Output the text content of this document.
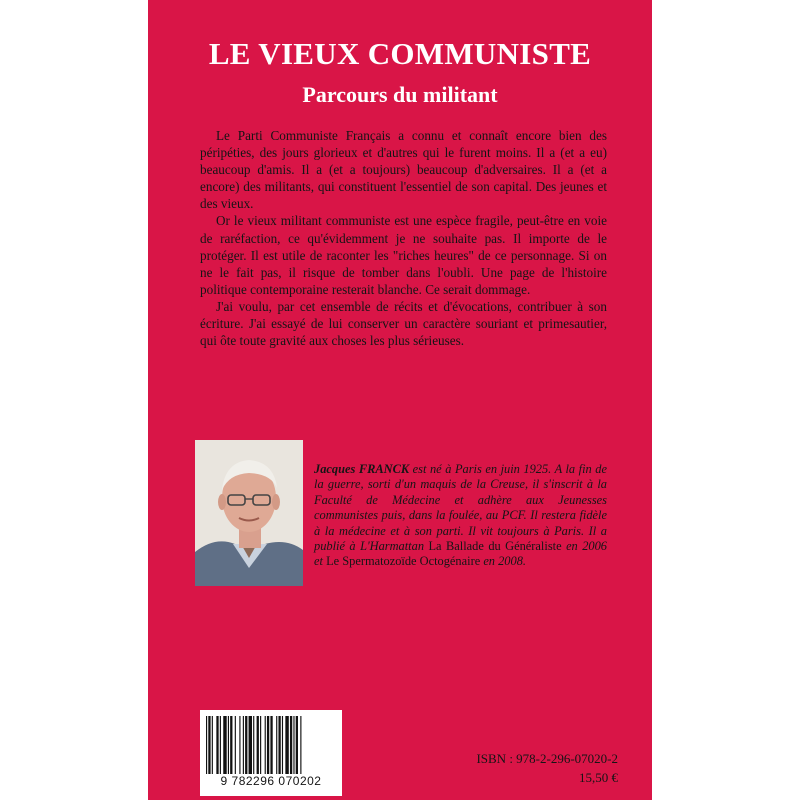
LE VIEUX COMMUNISTE
Parcours du militant

Le Parti Communiste Français a connu et connaît encore bien des péripéties, des jours glorieux et d'autres qui le furent moins. Il a (et a eu) beaucoup d'amis. Il a (et a toujours) beaucoup d'adversaires. Il a (et a encore) des militants, qui constituent l'essentiel de son capital. Des jeunes et des vieux.

Or le vieux militant communiste est une espèce fragile, peut-être en voie de raréfaction, ce qu'évidemment je ne souhaite pas. Il importe de le protéger. Il est utile de raconter les "riches heures" de ce personnage. Si on ne le fait pas, il risque de tomber dans l'oubli. Une page de l'histoire politique contemporaine resterait blanche. Ce serait dommage.

J'ai voulu, par cet ensemble de récits et d'évocations, contribuer à son écriture. J'ai essayé de lui conserver un caractère souriant et primesautier, qui ôte toute gravité aux choses les plus sérieuses.

Jacques FRANCK est né à Paris en juin 1925. A la fin de la guerre, sorti d'un maquis de la Creuse, il s'inscrit à la Faculté de Médecine et adhère aux Jeunesses communistes puis, dans la foulée, au PCF. Il restera fidèle à la médecine et à son parti. Il vit toujours à Paris. Il a publié à L'Harmattan La Ballade du Généraliste en 2006 et Le Spermatozoïde Octogénaire en 2008.
9 782296 070202
ISBN : 978-2-296-07020-2
15,50 €
